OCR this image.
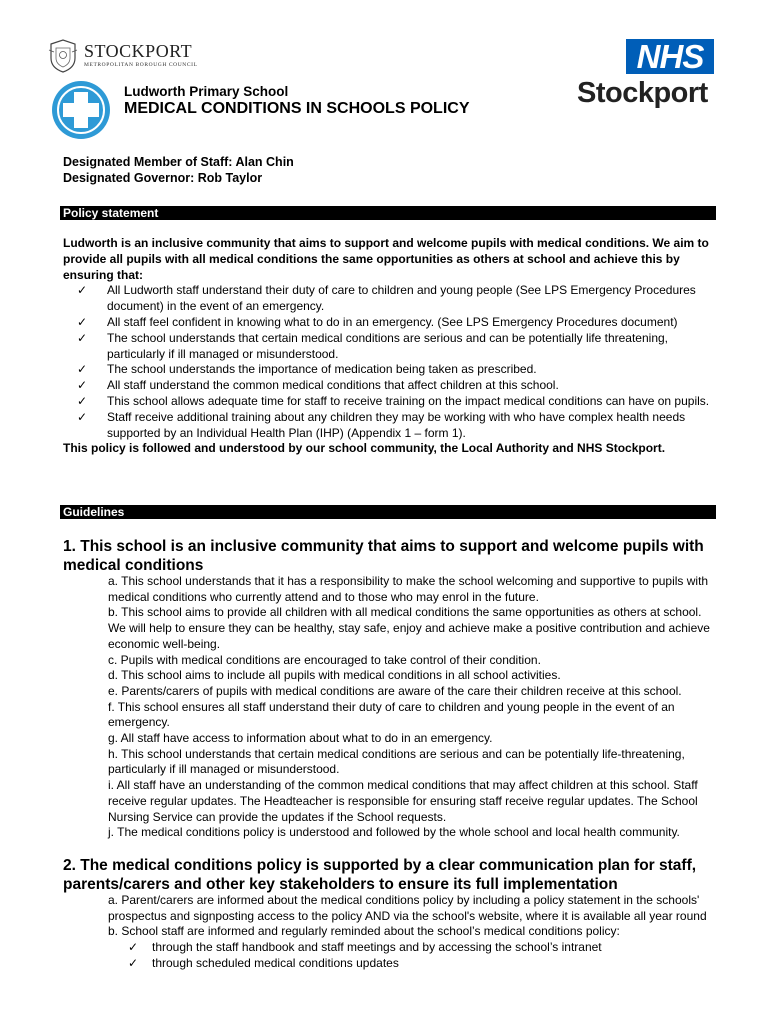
STOCKPORT
METROPOLITAN BOROUGH COUNCIL
Ludworth Primary School
MEDICAL CONDITIONS IN SCHOOLS POLICY
NHS
Stockport
Designated Member of Staff: Alan Chin
Designated Governor: Rob Taylor
Policy statement
Ludworth is an inclusive community that aims to support and welcome pupils with medical conditions. We aim to provide all pupils with all medical conditions the same opportunities as others at school and achieve this by ensuring that:
✓ All Ludworth staff understand their duty of care to children and young people (See LPS Emergency Procedures document) in the event of an emergency.
✓ All staff feel confident in knowing what to do in an emergency. (See LPS Emergency Procedures document)
✓ The school understands that certain medical conditions are serious and can be potentially life threatening, particularly if ill managed or misunderstood.
✓ The school understands the importance of medication being taken as prescribed.
✓ All staff understand the common medical conditions that affect children at this school.
✓ This school allows adequate time for staff to receive training on the impact medical conditions can have on pupils.
✓ Staff receive additional training about any children they may be working with who have complex health needs supported by an Individual Health Plan (IHP) (Appendix 1 – form 1).
This policy is followed and understood by our school community, the Local Authority and NHS Stockport.
Guidelines
1. This school is an inclusive community that aims to support and welcome pupils with medical conditions

a. This school understands that it has a responsibility to make the school welcoming and supportive to pupils with medical conditions who currently attend and to those who may enrol in the future.

b. This school aims to provide all children with all medical conditions the same opportunities as others at school. We will help to ensure they can be healthy, stay safe, enjoy and achieve make a positive contribution and achieve economic well-being.

c. Pupils with medical conditions are encouraged to take control of their condition.

d. This school aims to include all pupils with medical conditions in all school activities.

e. Parents/carers of pupils with medical conditions are aware of the care their children receive at this school.

f. This school ensures all staff understand their duty of care to children and young people in the event of an emergency.

g. All staff have access to information about what to do in an emergency.

h. This school understands that certain medical conditions are serious and can be potentially life-threatening, particularly if ill managed or misunderstood.

i. All staff have an understanding of the common medical conditions that may affect children at this school. Staff receive regular updates. The Headteacher is responsible for ensuring staff receive regular updates. The School Nursing Service can provide the updates if the School requests.

j. The medical conditions policy is understood and followed by the whole school and local health community.

2. The medical conditions policy is supported by a clear communication plan for staff, parents/carers and other key stakeholders to ensure its full implementation

a. Parent/carers are informed about the medical conditions policy by including a policy statement in the schools' prospectus and signposting access to the policy AND via the school's website, where it is available all year round

b. School staff are informed and regularly reminded about the school’s medical conditions policy:

✓ through the staff handbook and staff meetings and by accessing the school’s intranet
✓ through scheduled medical conditions updates
